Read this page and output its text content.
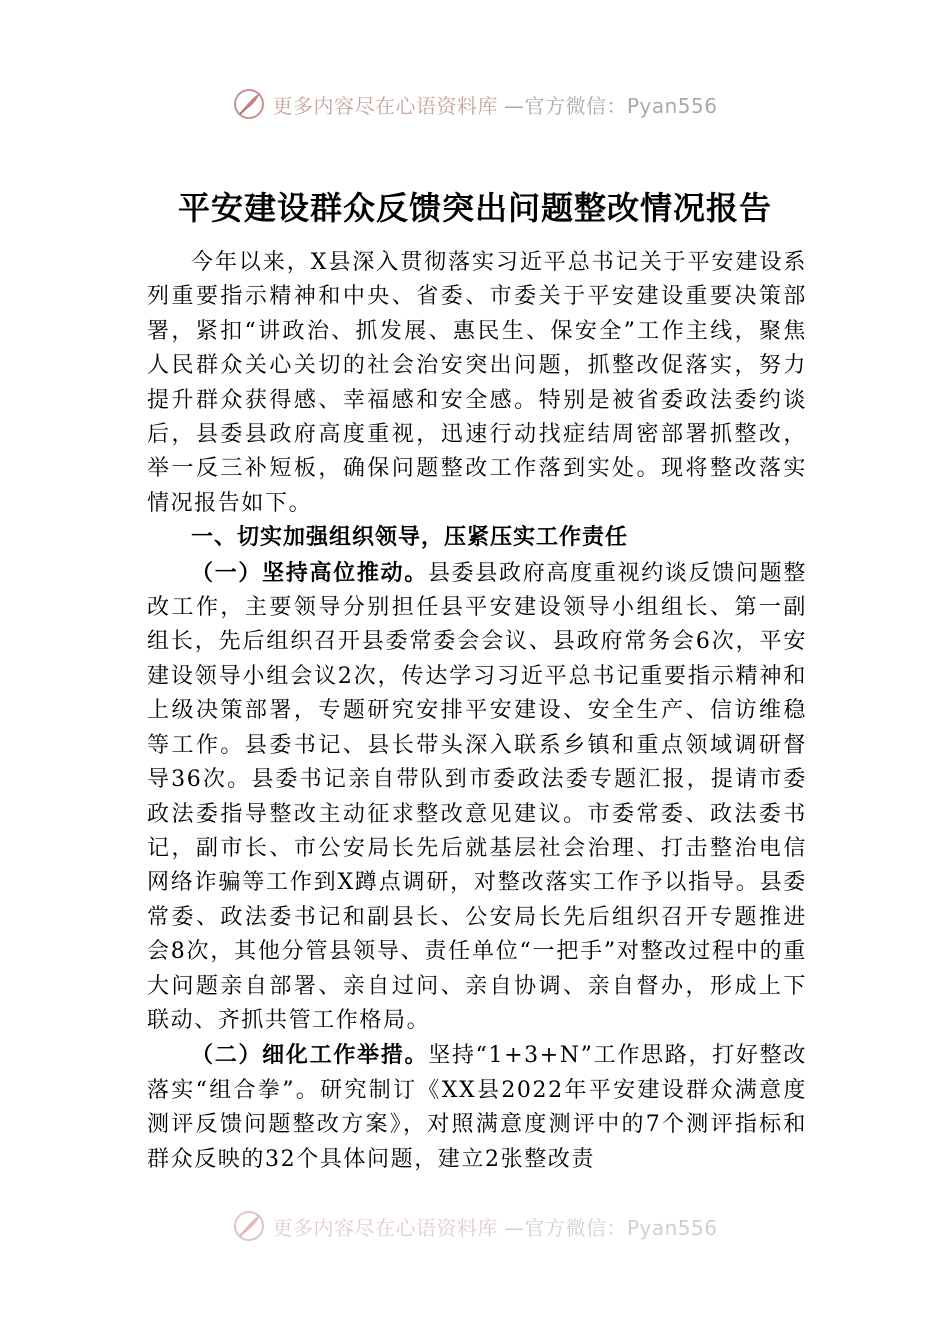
更多内容尽在心语资料库 —官方微信：Pyan556
平安建设群众反馈突出问题整改情况报告

今年以来，X县深入贯彻落实习近平总书记关于平安建设系列重要指示精神和中央、省委、市委关于平安建设重要决策部署，紧扣“讲政治、抓发展、惠民生、保安全”工作主线，聚焦人民群众关心关切的社会治安突出问题，抓整改促落实，努力提升群众获得感、幸福感和安全感。特别是被省委政法委约谈后，县委县政府高度重视，迅速行动找症结周密部署抓整改，举一反三补短板，确保问题整改工作落到实处。现将整改落实情况报告如下。

一、切实加强组织领导，压紧压实工作责任

（一）坚持高位推动。县委县政府高度重视约谈反馈问题整改工作，主要领导分别担任县平安建设领导小组组长、第一副组长，先后组织召开县委常委会会议、县政府常务会6次，平安建设领导小组会议2次，传达学习习近平总书记重要指示精神和上级决策部署，专题研究安排平安建设、安全生产、信访维稳等工作。县委书记、县长带头深入联系乡镇和重点领域调研督导36次。县委书记亲自带队到市委政法委专题汇报，提请市委政法委指导整改主动征求整改意见建议。市委常委、政法委书记，副市长、市公安局长先后就基层社会治理、打击整治电信网络诈骗等工作到X蹲点调研，对整改落实工作予以指导。县委常委、政法委书记和副县长、公安局长先后组织召开专题推进会8次，其他分管县领导、责任单位“一把手”对整改过程中的重大问题亲自部署、亲自过问、亲自协调、亲自督办，形成上下联动、齐抓共管工作格局。

（二）细化工作举措。坚持“1+3+N”工作思路，打好整改落实“组合拳”。研究制订《XX县2022年平安建设群众满意度测评反馈问题整改方案》，对照满意度测评中的7个测评指标和群众反映的32个具体问题，建立2张整改责

更多内容尽在心语资料库 —官方微信：Pyan556
